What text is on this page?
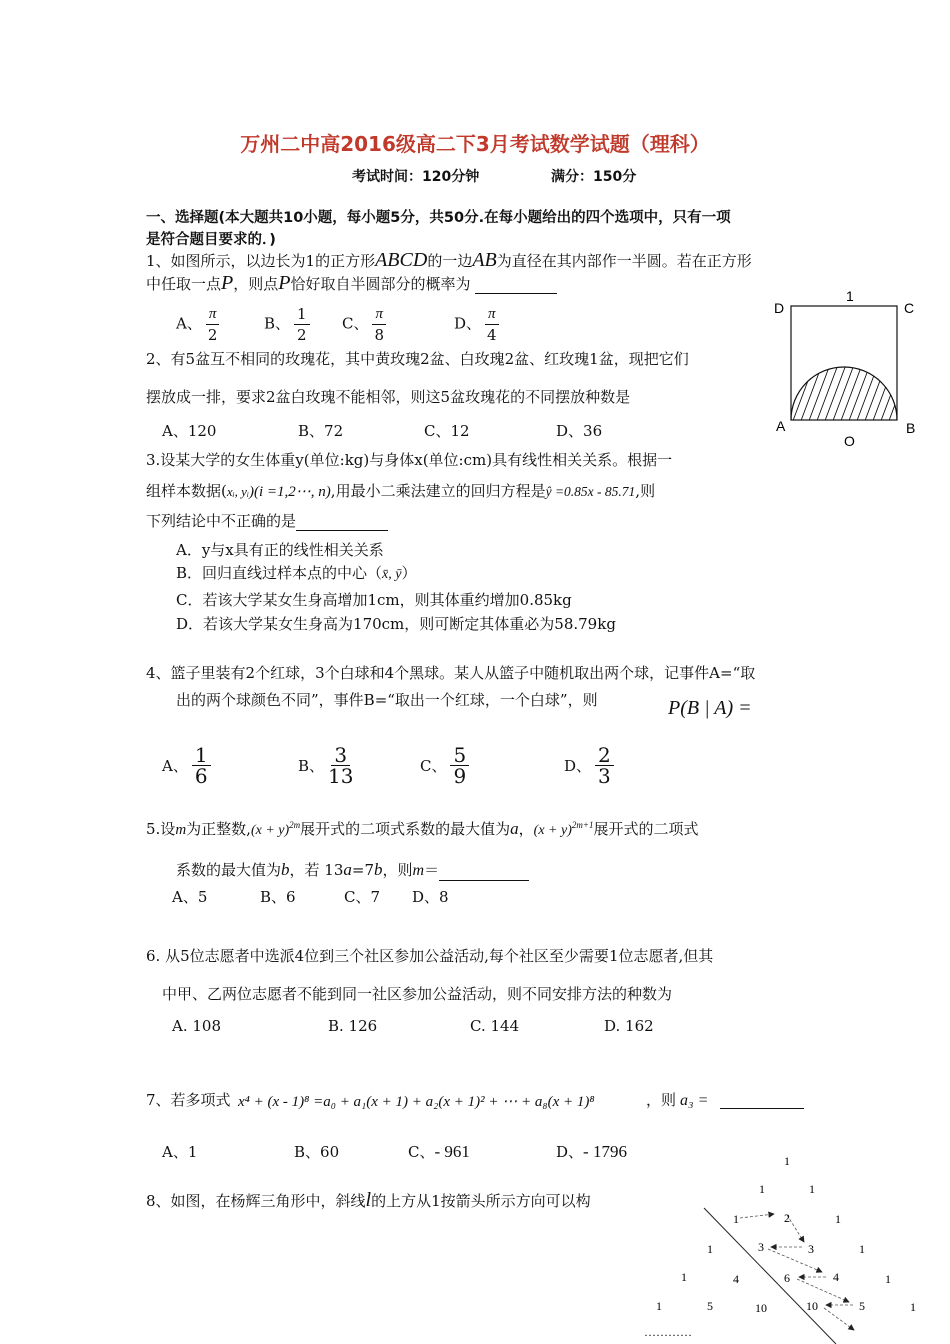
万州二中高2016级高二下3月考试数学试题（理科）
考试时间：120分钟	满分：150分
一、选择题(本大题共10小题，每小题5分，共50分.在每小题给出的四个选项中，只有一项
是符合题目要求的．)
1、如图所示，以边长为1的正方形ABCD的一边AB为直径在其内部作一半圆。若在正方形
中任取一点P，则点P恰好取自半圆部分的概率为
A、 $\frac{\pi}{2}$	B、 $\frac{1}{2}$ C、 $\frac{\pi}{8}$	D、 $\frac{\pi}{4}$	D
1
C
A	B
O
2、有5盆互不相同的玫瑰花，其中黄玫瑰2盆、白玫瑰2盆、红玫瑰1盆，现把它们
摆放成一排，要求2盆白玫瑰不能相邻，则这5盆玫瑰花的不同摆放种数是
A、120	B、72	C、12	D、36
3.设某大学的女生体重y(单位:kg)与身体x(单位:cm)具有线性相关关系。根据一
组样本数据(xᵢ, yᵢ)(i =1,2⋯, n),用最小二乘法建立的回归方程是ŷ =0.85x - 85.71,则
下列结论中不正确的是
A．y与x具有正的线性相关关系
B．回归直线过样本点的中心（x̄, ȳ）
C．若该大学某女生身高增加1cm，则其体重约增加0.85kg
D．若该大学某女生身高为170cm，则可断定其体重必为58.79kg
4、篮子里装有2个红球，3个白球和4个黑球。某人从篮子中随机取出两个球，记事件A=“取
出的两个球颜色不同”，事件B=“取出一个红球，一个白球”，则	P(B | A) =
A、 $\frac{1}{6}$	B、 $\frac{3}{13}$	C、 $\frac{5}{9}$	D、 $\frac{2}{3}$
5.设m为正整数$,(x + y)^{2m}$展开式的二项式系数的最大值为a，$(x + y)^{2m+1}$展开式的二项式
系数的最大值为b，若 13a=7b，则m＝
A、5	B、6	C、7 D、8
6. 从5位志愿者中选派4位到三个社区参加公益活动,每个社区至少需要1位志愿者,但其
中甲、乙两位志愿者不能到同一社区参加公益活动，则不同安排方法的种数为
A. 108	B. 126	C. 144	D. 162
7、若多项式 x⁴ + (x - 1)⁸ =a₀ + a₁(x + 1) + a₂(x + 1)² + ⋯ + a₈(x + 1)⁸	，则 a₃ =
A、1	B、60	C、- 961	D、- 1796
8、如图，在杨辉三角形中，斜线l的上方从1按箭头所示方向可以构
1
1	1
1	2	1
1	3	3	1
1	4	6	4	1
1	5	10	10	5	1
…………
